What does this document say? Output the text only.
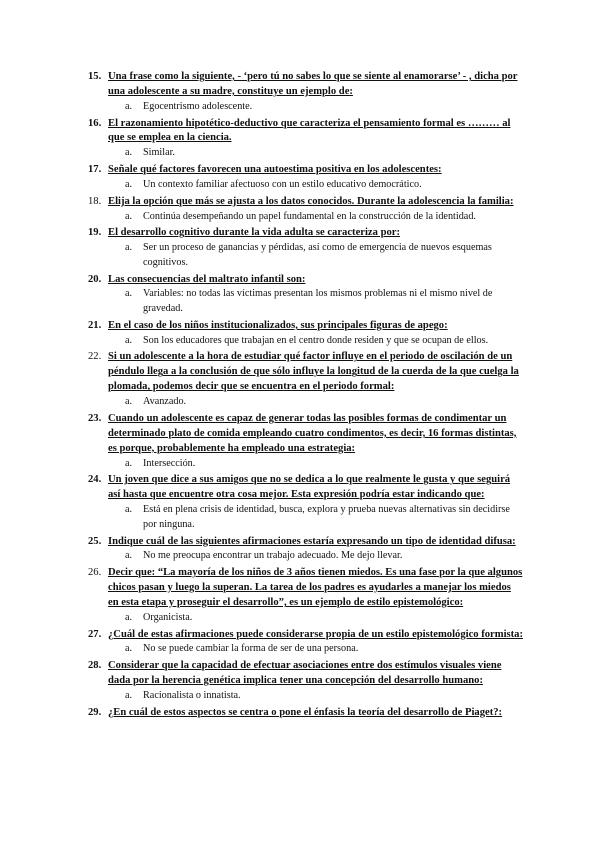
15. Una frase como la siguiente, - ‘pero tú no sabes lo que se siente al enamorarse’ - , dicha por una adolescente a su madre, constituye un ejemplo de:

a. Egocentrismo adolescente.

16. El razonamiento hipotético-deductivo que caracteriza el pensamiento formal es ……… al que se emplea en la ciencia.

a. Similar.

17. Señale qué factores favorecen una autoestima positiva en los adolescentes:

a. Un contexto familiar afectuoso con un estilo educativo democrático.

18. Elija la opción que más se ajusta a los datos conocidos. Durante la adolescencia la familia:

a. Continúa desempeñando un papel fundamental en la construcción de la identidad.

19. El desarrollo cognitivo durante la vida adulta se caracteriza por:

a. Ser un proceso de ganancias y pérdidas, así como de emergencia de nuevos esquemas cognitivos.

20. Las consecuencias del maltrato infantil son:

a. Variables: no todas las víctimas presentan los mismos problemas ni el mismo nivel de gravedad.

21. En el caso de los niños institucionalizados, sus principales figuras de apego:

a. Son los educadores que trabajan en el centro donde residen y que se ocupan de ellos.

22. Si un adolescente a la hora de estudiar qué factor influye en el periodo de oscilación de un péndulo llega a la conclusión de que sólo influye la longitud de la cuerda de la que cuelga la plomada, podemos decir que se encuentra en el periodo formal:

a. Avanzado.

23. Cuando un adolescente es capaz de generar todas las posibles formas de condimentar un determinado plato de comida empleando cuatro condimentos, es decir, 16 formas distintas, es porque, probablemente ha empleado una estrategia:

a. Intersección.

24. Un joven que dice a sus amigos que no se dedica a lo que realmente le gusta y que seguirá así hasta que encuentre otra cosa mejor. Esta expresión podría estar indicando que:

a. Está en plena crisis de identidad, busca, explora y prueba nuevas alternativas sin decidirse por ninguna.

25. Indique cuál de las siguientes afirmaciones estaría expresando un tipo de identidad difusa:

a. No me preocupa encontrar un trabajo adecuado. Me dejo llevar.

26. Decir que: “La mayoría de los niños de 3 años tienen miedos. Es una fase por la que algunos chicos pasan y luego la superan. La tarea de los padres es ayudarles a manejar los miedos en esta etapa y proseguir el desarrollo”, es un ejemplo de estilo epistemológico:

a. Organicista.

27. ¿Cuál de estas afirmaciones puede considerarse propia de un estilo epistemológico formista:

a. No se puede cambiar la forma de ser de una persona.

28. Considerar que la capacidad de efectuar asociaciones entre dos estímulos visuales viene dada por la herencia genética implica tener una concepción del desarrollo humano:

a. Racionalista o innatista.

29. ¿En cuál de estos aspectos se centra o pone el énfasis la teoría del desarrollo de Piaget?:
